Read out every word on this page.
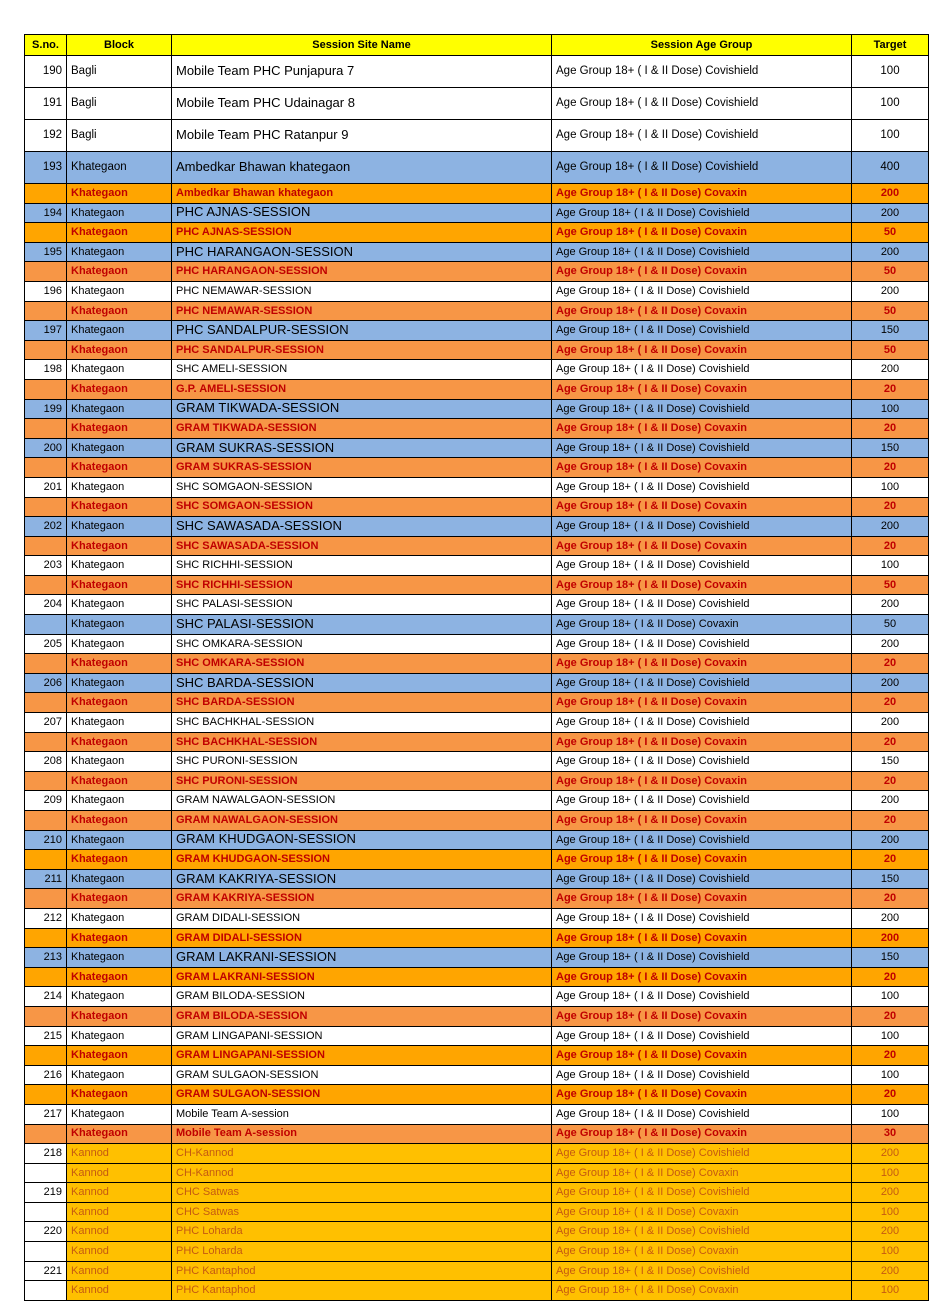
S.no.	Block	Session Site Name	Session Age Group	Target
190	Bagli	Mobile Team PHC Punjapura 7	Age Group 18+ ( I & II Dose) Covishield	100
191	Bagli	Mobile Team PHC Udainagar 8	Age Group 18+ ( I & II Dose) Covishield	100
192	Bagli	Mobile Team PHC Ratanpur 9	Age Group 18+ ( I & II Dose) Covishield	100
193	Khategaon	Ambedkar Bhawan khategaon	Age Group 18+ ( I & II Dose) Covishield	400
	Khategaon	Ambedkar Bhawan khategaon	Age Group 18+ ( I & II Dose) Covaxin	200
194	Khategaon	PHC AJNAS-SESSION	Age Group 18+ ( I & II Dose) Covishield	200
	Khategaon	PHC AJNAS-SESSION	Age Group 18+ ( I & II Dose) Covaxin	50
195	Khategaon	PHC HARANGAON-SESSION	Age Group 18+ ( I & II Dose) Covishield	200
	Khategaon	PHC HARANGAON-SESSION	Age Group 18+ ( I & II Dose) Covaxin	50
196	Khategaon	PHC NEMAWAR-SESSION	Age Group 18+ ( I & II Dose) Covishield	200
	Khategaon	PHC NEMAWAR-SESSION	Age Group 18+ ( I & II Dose) Covaxin	50
197	Khategaon	PHC SANDALPUR-SESSION	Age Group 18+ ( I & II Dose) Covishield	150
	Khategaon	PHC SANDALPUR-SESSION	Age Group 18+ ( I & II Dose) Covaxin	50
198	Khategaon	SHC AMELI-SESSION	Age Group 18+ ( I & II Dose) Covishield	200
	Khategaon	G.P. AMELI-SESSION	Age Group 18+ ( I & II Dose) Covaxin	20
199	Khategaon	GRAM TIKWADA-SESSION	Age Group 18+ ( I & II Dose) Covishield	100
	Khategaon	GRAM TIKWADA-SESSION	Age Group 18+ ( I & II Dose) Covaxin	20
200	Khategaon	GRAM SUKRAS-SESSION	Age Group 18+ ( I & II Dose) Covishield	150
	Khategaon	GRAM SUKRAS-SESSION	Age Group 18+ ( I & II Dose) Covaxin	20
201	Khategaon	SHC SOMGAON-SESSION	Age Group 18+ ( I & II Dose) Covishield	100
	Khategaon	SHC SOMGAON-SESSION	Age Group 18+ ( I & II Dose) Covaxin	20
202	Khategaon	SHC SAWASADA-SESSION	Age Group 18+ ( I & II Dose) Covishield	200
	Khategaon	SHC SAWASADA-SESSION	Age Group 18+ ( I & II Dose) Covaxin	20
203	Khategaon	SHC RICHHI-SESSION	Age Group 18+ ( I & II Dose) Covishield	100
	Khategaon	SHC RICHHI-SESSION	Age Group 18+ ( I & II Dose) Covaxin	50
204	Khategaon	SHC PALASI-SESSION	Age Group 18+ ( I & II Dose) Covishield	200
	Khategaon	SHC PALASI-SESSION	Age Group 18+ ( I & II Dose) Covaxin	50
205	Khategaon	SHC OMKARA-SESSION	Age Group 18+ ( I & II Dose) Covishield	200
	Khategaon	SHC OMKARA-SESSION	Age Group 18+ ( I & II Dose) Covaxin	20
206	Khategaon	SHC BARDA-SESSION	Age Group 18+ ( I & II Dose) Covishield	200
	Khategaon	SHC BARDA-SESSION	Age Group 18+ ( I & II Dose) Covaxin	20
207	Khategaon	SHC BACHKHAL-SESSION	Age Group 18+ ( I & II Dose) Covishield	200
	Khategaon	SHC BACHKHAL-SESSION	Age Group 18+ ( I & II Dose) Covaxin	20
208	Khategaon	SHC PURONI-SESSION	Age Group 18+ ( I & II Dose) Covishield	150
	Khategaon	SHC PURONI-SESSION	Age Group 18+ ( I & II Dose) Covaxin	20
209	Khategaon	GRAM NAWALGAON-SESSION	Age Group 18+ ( I & II Dose) Covishield	200
	Khategaon	GRAM NAWALGAON-SESSION	Age Group 18+ ( I & II Dose) Covaxin	20
210	Khategaon	GRAM KHUDGAON-SESSION	Age Group 18+ ( I & II Dose) Covishield	200
	Khategaon	GRAM KHUDGAON-SESSION	Age Group 18+ ( I & II Dose) Covaxin	20
211	Khategaon	GRAM KAKRIYA-SESSION	Age Group 18+ ( I & II Dose) Covishield	150
	Khategaon	GRAM KAKRIYA-SESSION	Age Group 18+ ( I & II Dose) Covaxin	20
212	Khategaon	GRAM DIDALI-SESSION	Age Group 18+ ( I & II Dose) Covishield	200
	Khategaon	GRAM DIDALI-SESSION	Age Group 18+ ( I & II Dose) Covaxin	200
213	Khategaon	GRAM LAKRANI-SESSION	Age Group 18+ ( I & II Dose) Covishield	150
	Khategaon	GRAM LAKRANI-SESSION	Age Group 18+ ( I & II Dose) Covaxin	20
214	Khategaon	GRAM BILODA-SESSION	Age Group 18+ ( I & II Dose) Covishield	100
	Khategaon	GRAM BILODA-SESSION	Age Group 18+ ( I & II Dose) Covaxin	20
215	Khategaon	GRAM LINGAPANI-SESSION	Age Group 18+ ( I & II Dose) Covishield	100
	Khategaon	GRAM LINGAPANI-SESSION	Age Group 18+ ( I & II Dose) Covaxin	20
216	Khategaon	GRAM SULGAON-SESSION	Age Group 18+ ( I & II Dose) Covishield	100
	Khategaon	GRAM SULGAON-SESSION	Age Group 18+ ( I & II Dose) Covaxin	20
217	Khategaon	Mobile Team A-session	Age Group 18+ ( I & II Dose) Covishield	100
	Khategaon	Mobile Team A-session	Age Group 18+ ( I & II Dose) Covaxin	30
218	Kannod	CH-Kannod	Age Group 18+ ( I & II Dose) Covishield	200
	Kannod	CH-Kannod	Age Group 18+ ( I & II Dose) Covaxin	100
219	Kannod	CHC Satwas	Age Group 18+ ( I & II Dose) Covishield	200
	Kannod	CHC Satwas	Age Group 18+ ( I & II Dose) Covaxin	100
220	Kannod	PHC Loharda	Age Group 18+ ( I & II Dose) Covishield	200
	Kannod	PHC Loharda	Age Group 18+ ( I & II Dose) Covaxin	100
221	Kannod	PHC Kantaphod	Age Group 18+ ( I & II Dose) Covishield	200
	Kannod	PHC Kantaphod	Age Group 18+ ( I & II Dose) Covaxin	100
